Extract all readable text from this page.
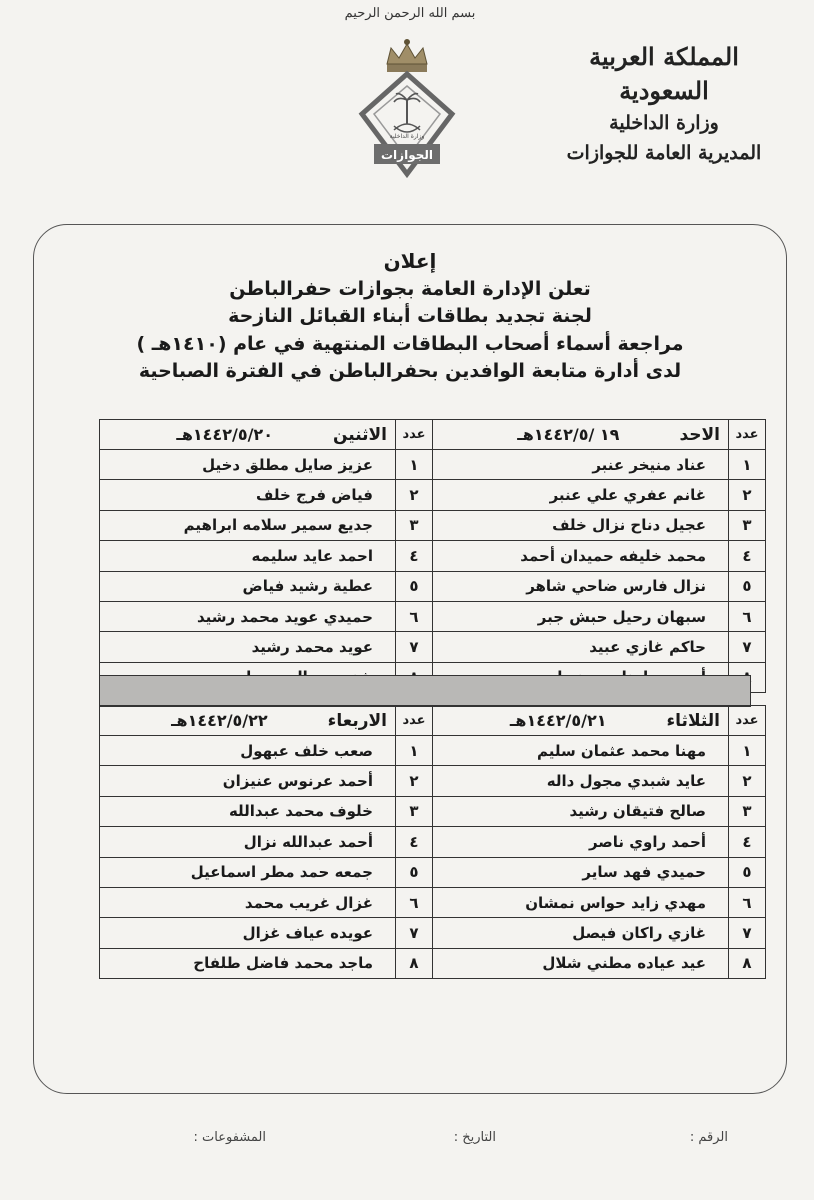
بسم الله الرحمن الرحيم
الجوازات
وزارة الداخلية
المملكة العربية السعودية
وزارة الداخلية
المديرية العامة للجوازات
إعلان
تعلن الإدارة العامة بجوازات حفرالباطن
لجنة تجديد بطاقات أبناء القبائل النازحة
مراجعة أسماء أصحاب البطاقات المنتهية في عام (١٤١٠هـ )
لدى أدارة متابعة الوافدين بحفرالباطن في الفترة الصباحية
عدد	الاحد١٩ /١٤٤٢/٥هـ	عدد	الاثنين١٤٤٢/٥/٢٠هـ
١	عناد منيخر عنبر	١	عزيز صايل مطلق دخيل
٢	غانم عفري علي عنبر	٢	فياض فرج خلف
٣	عجيل دناح نزال خلف	٣	جديع سمير سلامه ابراهيم
٤	محمد خليفه حميدان أحمد	٤	احمد عايد سليمه
٥	نزال فارس ضاحي شاهر	٥	عطية رشيد فياض
٦	سبهان رحيل حبش جبر	٦	حميدي عويد محمد رشيد
٧	حاكم غازي عبيد	٧	عويد محمد رشيد

عدد	الثلاثاء١٤٤٢/٥/٢١هـ	عدد	الاربعاء١٤٤٢/٥/٢٢هـ
١	مهنا محمد عثمان سليم	١	صعب خلف عبهول
٢	عايد شبدي مجول داله	٢	أحمد عرنوس عنيزان
٣	صالح فتيقان رشيد	٣	خلوف محمد عبدالله
٤	أحمد راوي ناصر	٤	أحمد عبدالله نزال
٥	حميدي فهد ساير	٥	جمعه حمد مطر اسماعيل
٦	مهدي زايد حواس نمشان	٦	غزال غريب محمد
٧	غازي راكان فيصل	٧	عويده عياف غزال
٨	عيد عياده مطني شلال	٨	ماجد محمد فاضل طلفاح
الرقم :
التاريخ :
المشفوعات :
